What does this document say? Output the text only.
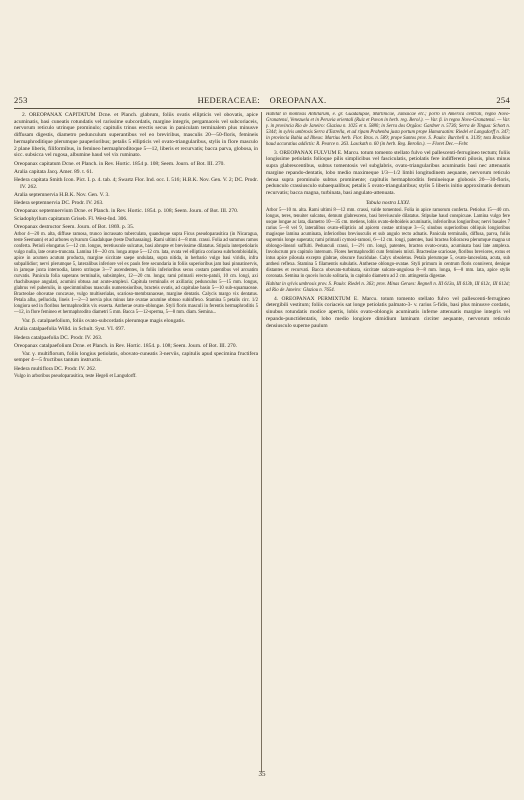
253	HEDERACEAE: OREOPANAX.	254

2. OREOPANAX CAPITATUM Dcne. et Planch. glabrum, foliis ovatis ellipticis vel obovatis, apice acuminatis, basi cuneatis rotundatis vel rarissime subcordatis, margine integris, pergamaceis vel subcoriaceis, nervorum reticulo utrinque prominulo; capitulis trinus erectis secus in paniculam terminalem plus minusve diffusam digestis, diametro pedunculum superantibus vel eo breviribus, masculis 20—50-floris, femineis hermaphroditique plerumque pauperioribus; petalis 5 ellipticis vel ovato-triangularibus, stylis in flore masculo 2 plane liberis, filiformibus, in femineo hermaphroditoque 5—12, liberis et recurvatis; bacca parva, globosa, in sicc. subsicca vel rugosa, albumine haud vel vix ruminato.

Oreopanax capitatum Dcne. et Planch. in Rev. Hortic. 1854 p. 108; Seem. Journ. of Bot. III. 270.

Aralia capitata Jacq. Amer. 89. t. 61.

Hedera capitata Smith Icon. Pict. I. p. 4. tab. 4; Swartz Flor. Ind. occ. I. 516; H.B.K. Nov. Gen. V. 2; DC. Prodr. IV. 262.

Aralia septemnervia H.B.K. Nov. Gen. V. 3.

Hedera septemnervia DC. Prodr. IV. 263.

Oreopanax septemnervium Dcne. et Planch. in Rev. Hortic. 1854. p. 108; Seem. Journ. of Bot. III. 270.

Sciadophyllum capitatum Griseb. Fl. West-Ind. 306.

Oreopanax destructor Seem. Journ. of Bot. 1869. p. 35.

Arbor 4—20 m. alta, diffuse ramosa, trunco incrassato tuberculato, quandoque supra Ficus pseudoparasitica (in Nicaragua, teste Seemann) et ad arbores sylvarum Guadalupae (teste Duchassaing). Rami ultimi 4—8 mm. crassi. Folia ad summos ramos conferta. Petioli elongatus 5—12 cm. longus, teretiuscule sulcatus, basi abrupte et brevissime dilatatus. Stipula interpetiolaris vulgo nulla, late ovato-truncata. Lamina 10—20 cm. longa atque 5—12 cm. lata, ovata vel elliptica coriacea subrhombloidalis, apice in acumen acutum producta, margine siccitate saepe undulata, supra nitida, in herbario vulgo basi viridis, infra subpallidior; nervi plerumque 5, lateralibus inferiore vel ex pauls fere secundaria in foliis superioribus jam basi pinnatinervis, in jamque juxta internodia, latero utrinque 3—7 ascendentes, in foliis inferioribus secus costam patentibus vel arcuatim curvatis. Panicula folia superans terminalis, subsimplex, 12—20 cm. longa; rami primarii erecto-patuli, 10 cm. longi, axi rhachibusque angulati, acumini obtusa aut acute-amplexi. Capitula terminalis et axillaria; pedunculus 5—15 mm. longus, glabrus vel puberulis, in specimminibus masculis numerosioribus, bracteis ovatis, ad capitulae basin 5—10 sub-squamaceae. Bracteolae obovatae concavae, vulgo multiserialas, scarioso-membranaceae, margine dentatis. Calycis margo vix dentatus. Petala alba, pellucida, lineis 1—2—3 nervia plus minus late ovatae acumine obtuso subinflexo. Stamina 5 petalis circ. 1/2 longiora sed in floribus hermaphroditis vix exserta. Antherae ovato-oblongae. Styli floris masculi in ferentis hermaphroditis 5—12, in flore femineo et hermaphrodito diametri 5 mm. Bacca 5—12-sperma, 5—8 mm. diam. Semina...

Var. β. catalpaefolium, foliis ovato-subcordatis plerumque magis elongatis.

Aralia catalpaefolia Willd. in Schult. Syst. VI. 697.

Hedera catalpaefolia DC. Prodr. IV. 263.

Oreopanax catalpaefolium Dcne. et Planch. in Rev. Hortic. 1854. p. 108; Seem. Journ. of Bot. III. 270.

Var. γ. multiflorum, foliis longius petiolatis, obovato-cuneatis 3-nerviis, capitulis apud specimina fructifera semper 4—5 fructibus tantum instructis.

Hedera multiflora DC. Prodr. IV. 262.

Vulgo in arboribus pseudoparasitica, teste Hegeli et Langsdorff.

Habitat in montosis Antillarum, e. gr. Guadalupae, Martinicae, Jamaicae etc.; porro in America centrali, regno Novo-Granatensi, Venezuela et in Peruvia orientali (Ruiz et Pavon in herb. reg. Berol.). — Var. β. in regno Novo-Granatensi. — Var. γ. in provincia Rio de Janeiro: Glaziou n. 1025 et n. 5880; in Serra dos Orgãos: Gardner n. 5736; Serra de Tingua: Schott n. 5344; in sylvis umbrosis Serra d'Estrella, et ad ripam Prahenba justa portum prope Hamaraatim: Riedel et Langsdorff n. 347; in provincia Bahia ad Ilheus: Martius herb. Flor. Bras. n. 589; prope Santos prov. S. Paulo: Burchell n. 3139; tota Brasiliae haud accuratius addictis: R. Pearce n. 263. Lasckath n. 60 (in herb. Reg. Berolin.). — Floret Dec.—Febr.

3. OREOPANAX FULVUM E. Marcu. totum tomento stellato fulvo vel pallescenti-ferrugineo tectum; foliis longissime petiolatis folioque pilis simplicibus vel fasciculatis, petiolatis fere indifferenti pilosis, plus minus supra glabrescentibus, subtus tomentosis vel subglabris, ovato-triangularibus acuminatis basi nec attenuatis margine repando-dentatis, lobo medio maximeque 1/3—1/2 limbi longitudinem aequante, nervorum reticulo densa supra prominulo subtus prominente; capitulis hermaphroditis femineisque globosis 20—30-floris, pedunculo crassiusculo subaequalibus; petalis 5 ovato-triangularibus; stylis 5 liberis initio approximatis demum recurvatis; bacca magna, turbinata, basi angulato-attenuata.

Tabula nostra LXXI.

Arbor 5—10 m. alta. Rami ultimi 8—12 mm. crassi, valde tomentosi. Folia in apice ramorum conferta. Petiolus 15—40 cm. longus, teres, tenuiter sulcatus, demum glabrescens, basi breviusculе dilatatus. Stipulae haud conspicuae. Lamina vulgo fere usque longae ac lata, diametro 10—35 cm. metiens, lobis ovato-deltoideis acuminatis, inferioribus longioribus; nervi basales 7 rarius 5—8 vel 9, lateralibus ovato-ellipticis ad apicem costae utrinque 3—5; sinubus superioribus obliquis longioribus magisque lamina acuminata, inferioribus breviusculis et sub angulo recto adnatis. Panicula terminalis, diffusa, parva, foliis supremis longe superata; rami primarii cymosi-ramosi, 6—12 cm. longi, patentes, basi bractea folioracea plerumque magna ut oblongo-lineari suffulti. Pedunculi crassi, 1—2½ cm. longi, patentes, bractea ovato-ovata, acuminata basi late amplexa. Involucrum pro capitulo internum. Flores hermaphroditi cum femineis mixti. Bracteolae scariosae, floribus breviores, extus et intus apice pilosula excepto glabrae, obscure fuscidulae. Calyx obsoletus. Petala plerumque 5, ovato-lanceolata, acuta, sub anthesi reflexa. Stamina 5 filamentis subulatis. Antherae oblongo-ovatae. Styli primum in centrum floris connivent, denique distantes et recurvati. Bacca obovato-turbinata, siccitate sulcato-angulosa 8—8 mm. longa, 6—8 mm. lata, apice stylis coronata. Semina in quovis loculo solitaria, in capitulo diametro ad 2 cm. attingentia digestae.

Habitat in sylvis umbrosis prov. S. Paulo: Riedel n. 363; prov. Minas Geraes: Regnell n. III 613a, III 613b, III 612c, III 612d; ad Rio de Janeiro: Glaziou n. 7654.

4. OREOPANAX PERMIXTUM E. Marcu. totum tomento stellato fulvo vel pallescenti-ferrugineo detergibili vestitum; foliis coriaceis sat longe petiolatis palmato-3- v. rarius 5-fidis, basi plus minusve cordatis, sinubus rotundatis modice apertis, lobis ovato-oblongis acuminatis inferne attenuatis margine integris vel repando-punctidentatis, lobo medio longiore dimidium laminam circiter aequante, nervorum reticulo densiusculo superne paulum

35
